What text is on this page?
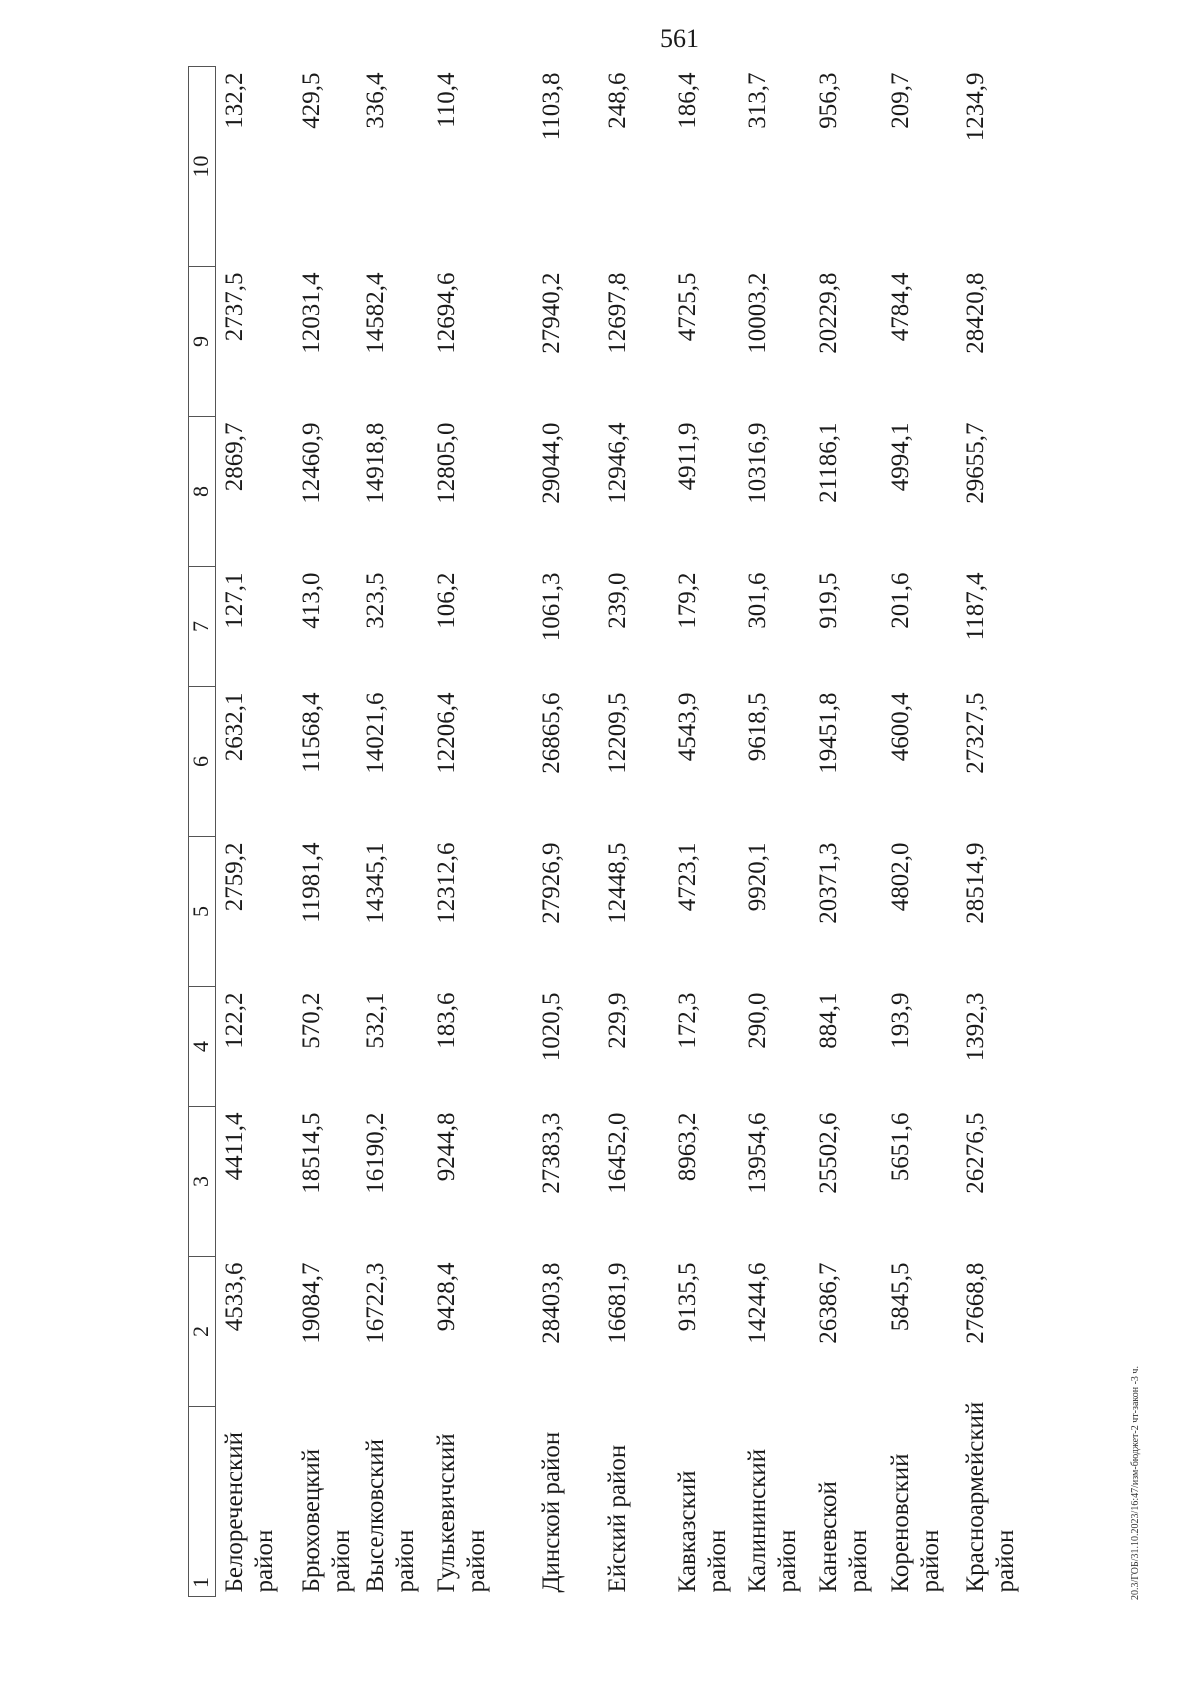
561
20.3/ГОБ/31.10.2023/16:47/изм-бюджет-2 чт-закон -3 ч.
1	2	3	4	5	6	7	8	9	10
Белореченский район	4533,6	4411,4	122,2	2759,2	2632,1	127,1	2869,7	2737,5	132,2
Брюховецкий район	19084,7	18514,5	570,2	11981,4	11568,4	413,0	12460,9	12031,4	429,5
Выселковский район	16722,3	16190,2	532,1	14345,1	14021,6	323,5	14918,8	14582,4	336,4
Гулькевичский район	9428,4	9244,8	183,6	12312,6	12206,4	106,2	12805,0	12694,6	110,4
Динской район	28403,8	27383,3	1020,5	27926,9	26865,6	1061,3	29044,0	27940,2	1103,8
Ейский район	16681,9	16452,0	229,9	12448,5	12209,5	239,0	12946,4	12697,8	248,6
Кавказский район	9135,5	8963,2	172,3	4723,1	4543,9	179,2	4911,9	4725,5	186,4
Калининский район	14244,6	13954,6	290,0	9920,1	9618,5	301,6	10316,9	10003,2	313,7
Каневской район	26386,7	25502,6	884,1	20371,3	19451,8	919,5	21186,1	20229,8	956,3
Кореновский район	5845,5	5651,6	193,9	4802,0	4600,4	201,6	4994,1	4784,4	209,7
Красноармейский район	27668,8	26276,5	1392,3	28514,9	27327,5	1187,4	29655,7	28420,8	1234,9
